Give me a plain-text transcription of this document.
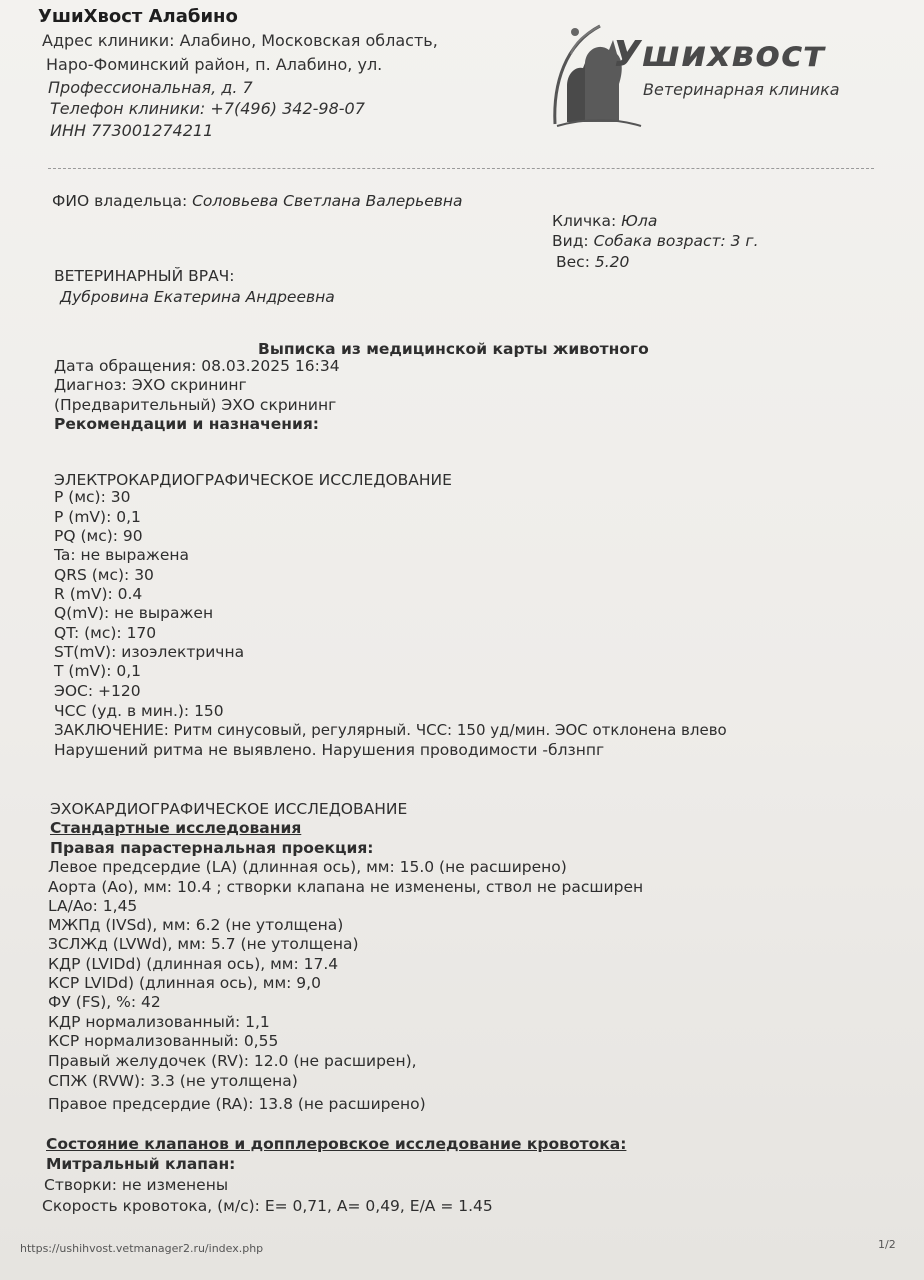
УшиХвост Алабино
Адрес клиники: Алабино, Московская область,
Наро-Фоминский район, п. Алабино, ул.
Профессиональная, д. 7
Телефон клиники: +7(496) 342-98-07
ИНН 773001274211
Ушихвост
Ветеринарная клиника
ФИО владельца: Соловьева Светлана Валерьевна
Кличка: Юла
Вид: Собака возраст: 3 г.
Вес: 5.20
ВЕТЕРИНАРНЫЙ ВРАЧ:
Дубровина Екатерина Андреевна
Выписка из медицинской карты животного
Дата обращения: 08.03.2025 16:34
Диагноз: ЭХО скрининг
(Предварительный) ЭХО скрининг
Рекомендации и назначения:
ЭЛЕКТРОКАРДИОГРАФИЧЕСКОЕ ИССЛЕДОВАНИЕ
P (мс): 30
P (mV): 0,1
PQ (мс): 90
Ta: не выражена
QRS (мс): 30
R (mV): 0.4
Q(mV): не выражен
QT: (мс): 170
ST(mV): изоэлектрична
T (mV): 0,1
ЭОС: +120
ЧСС (уд. в мин.): 150
ЗАКЛЮЧЕНИЕ: Ритм синусовый, регулярный. ЧСС: 150 уд/мин. ЭОС отклонена влево
Нарушений ритма не выявлено. Нарушения проводимости -блзнпг
ЭХОКАРДИОГРАФИЧЕСКОЕ ИССЛЕДОВАНИЕ
Стандартные исследования
Правая парастернальная проекция:
Левое предсердие (LA) (длинная ось), мм: 15.0 (не расширено)
Аорта (Ао), мм: 10.4 ; створки клапана не изменены, ствол не расширен
LA/Ao: 1,45
МЖПд (IVSd), мм: 6.2 (не утолщена)
ЗСЛЖд (LVWd), мм: 5.7 (не утолщена)
КДР (LVIDd) (длинная ось), мм: 17.4
КСР LVIDd) (длинная ось), мм: 9,0
ФУ (FS), %: 42
КДР нормализованный: 1,1
КСР нормализованный: 0,55
Правый желудочек (RV): 12.0 (не расширен),
СПЖ (RVW): 3.3 (не утолщена)
Правое предсердие (RA): 13.8 (не расширено)
Состояние клапанов и допплеровское исследование кровотока:
Митральный клапан:
Створки: не изменены
Скорость кровотока, (м/с): E= 0,71, A= 0,49, E/A = 1.45
https://ushihvost.vetmanager2.ru/index.php	1/2
